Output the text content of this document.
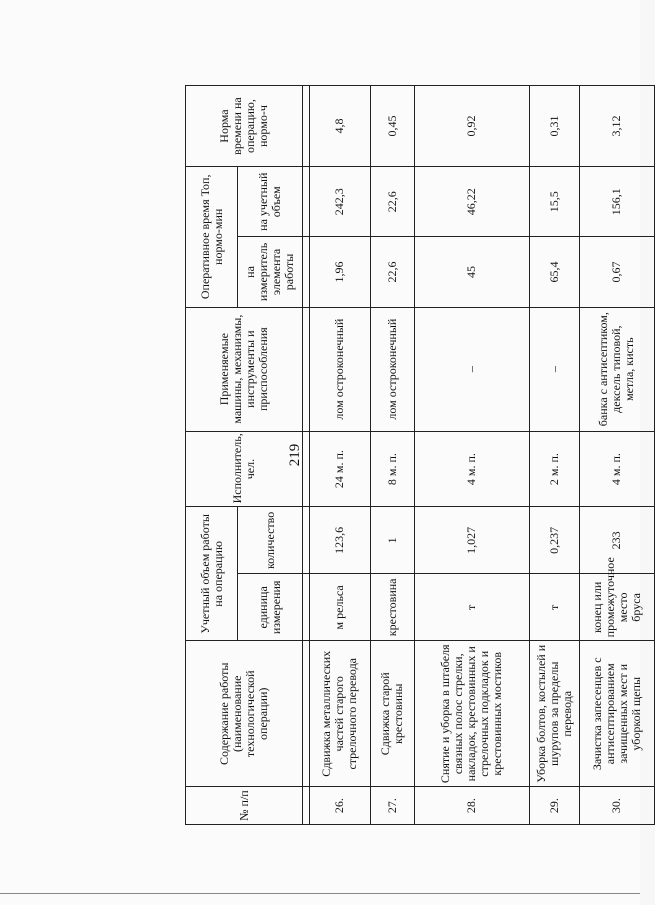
219
№ п/п	Содержание работы (наименование технологической операции)	Учетный объем работы на операцию		Исполнитель, чел.	Применяемые машины, механизмы, инструменты и приспособления	Оперативное время Топ, нормо-мин		Норма времени на операцию, нормо-ч
		единица измерения	количество			на измеритель элемента работы	на учетный объем	

26.	Сдвижка металлических частей старого стрелочного перевода	м рельса	123,6	24 м. п.	лом остроконечный	1,96	242,3	4,8
27.	Сдвижка старой крестовины	крестовина	1	8 м. п.	лом остроконечный	22,6	22,6	0,45
28.	Снятие и уборка в штабеля связных полос стрелки, накладок, крестовинных и стрелочных подкладок и крестовинных мостиков	т	1,027	4 м. п.	–	45	46,22	0,92
29.	Уборка болтов, костылей и шурупов за пределы перевода	т	0,237	2 м. п.	–	65,4	15,5	0,31
30.	Зачистка запесенцев с антисептированием зачищенных мест и уборкой щепы	конец или промежуточное место бруса	233	4 м. п.	банка с антисептиком, дексель типовой, метла, кисть	0,67	156,1	3,12
